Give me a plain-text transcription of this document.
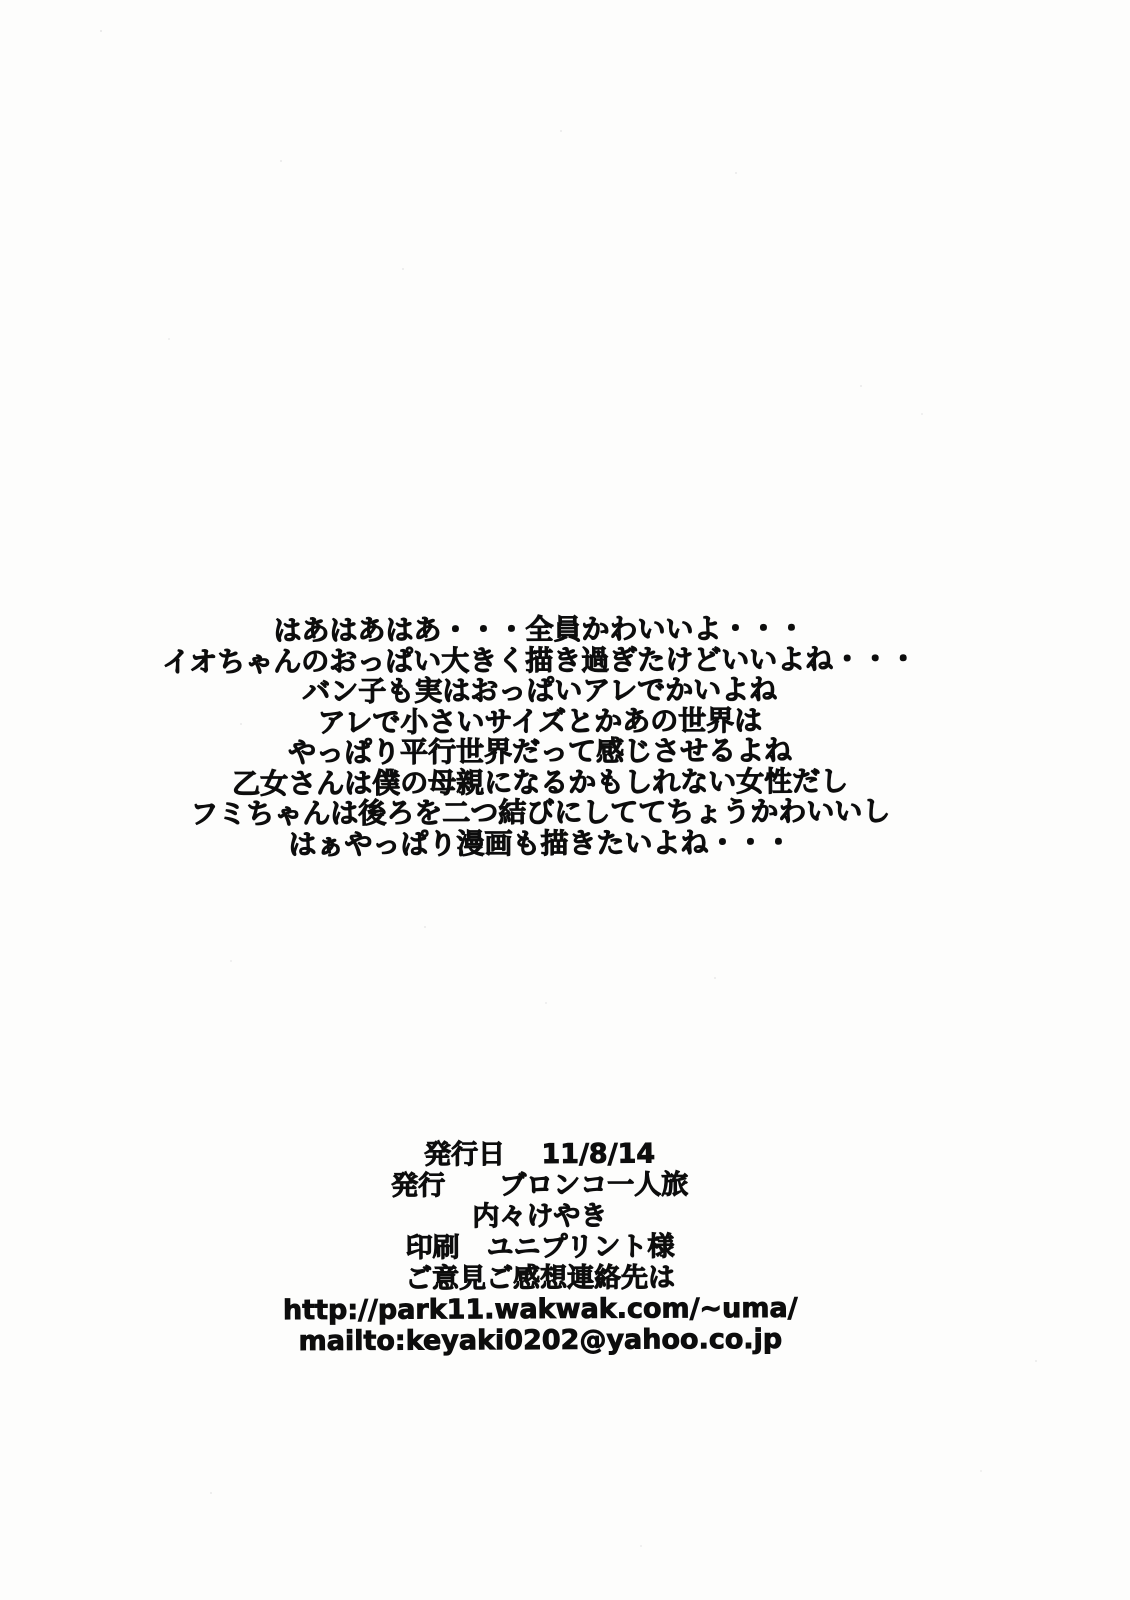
はあはあはあ・・・全員かわいいよ・・・
イオちゃんのおっぱい大きく描き過ぎたけどいいよね・・・
バン子も実はおっぱいアレでかいよね
アレで小さいサイズとかあの世界は
やっぱり平行世界だって感じさせるよね
乙女さんは僕の母親になるかもしれない女性だし
フミちゃんは後ろを二つ結びにしててちょうかわいいし
はぁやっぱり漫画も描きたいよね・・・
発行日　 11/8/14
発行　　ブロンコ一人旅
内々けやき
印刷　ユニプリント様
ご意見ご感想連絡先は
http://park11.wakwak.com/~uma/
mailto:keyaki0202@yahoo.co.jp
